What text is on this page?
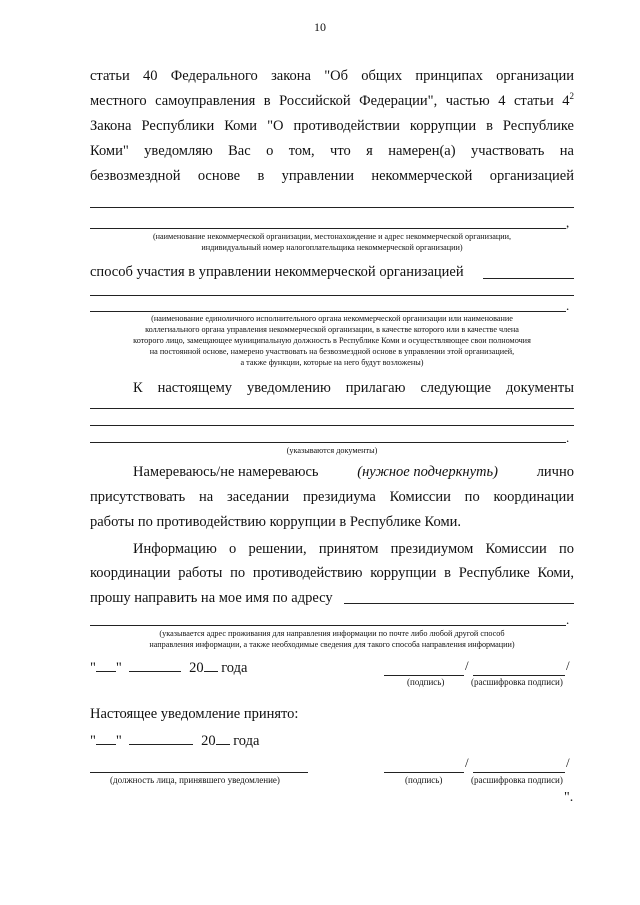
10
статьи 40 Федерального закона "Об общих принципах организации
местного самоуправления в Российской Федерации", частью 4 статьи $4^2$
Закона Республики Коми "О противодействии коррупции в Республике
Коми" уведомляю Вас о том, что я намерен(а) участвовать на
безвозмездной основе в управлении некоммерческой организацией
,
(наименование некоммерческой организации, местонахождение и адрес некоммерческой организации,
индивидуальный номер налогоплательщика некоммерческой организации)
способ участия в управлении некоммерческой организацией
.
(наименование единоличного исполнительного органа некоммерческой организации или наименование
коллегиального органа управления некоммерческой организации, в качестве которого или в качестве члена
которого лицо, замещающее муниципальную должность в Республике Коми и осуществляющее свои полномочия
на постоянной основе, намерено участвовать на безвозмездной основе в управлении этой организацией,
а также функции, которые на него будут возложены)
К настоящему уведомлению прилагаю следующие документы
.
(указываются документы)
Намереваюсь/не намереваюсь	(нужное подчеркнуть)	лично
присутствовать на заседании президиума Комиссии по координации
работы по противодействию коррупции в Республике Коми.
Информацию о решении, принятом президиумом Комиссии по
координации работы по противодействию коррупции в Республике Коми,
прошу направить на мое имя по адресу
.
(указывается адрес проживания для направления информации по почте либо любой другой способ
направления информации, а также необходимые сведения для такого способа направления информации)
" "	20 года	/	/
(подпись)	(расшифровка подписи)
Настоящее уведомление принято:
" "	20 года
(должность лица, принявшего уведомление)
/	/
(подпись)	(расшифровка подписи)
".
